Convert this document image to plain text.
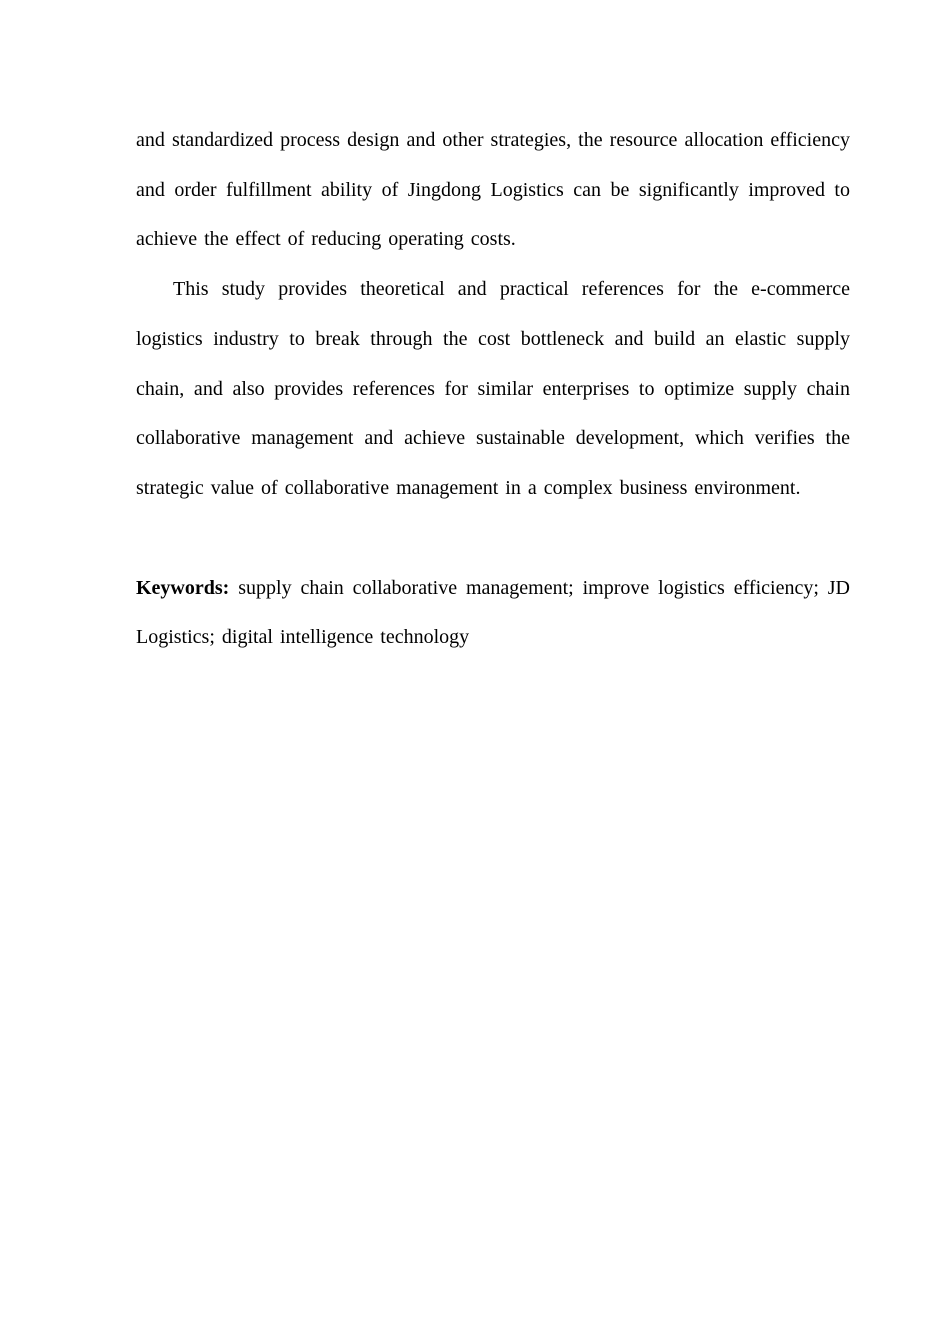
and standardized process design and other strategies, the resource allocation efficiency and order fulfillment ability of Jingdong Logistics can be significantly improved to achieve the effect of reducing operating costs.

This study provides theoretical and practical references for the e-commerce logistics industry to break through the cost bottleneck and build an elastic supply chain, and also provides references for similar enterprises to optimize supply chain collaborative management and achieve sustainable development, which verifies the strategic value of collaborative management in a complex business environment.

Keywords: supply chain collaborative management; improve logistics efficiency; JD Logistics; digital intelligence technology
